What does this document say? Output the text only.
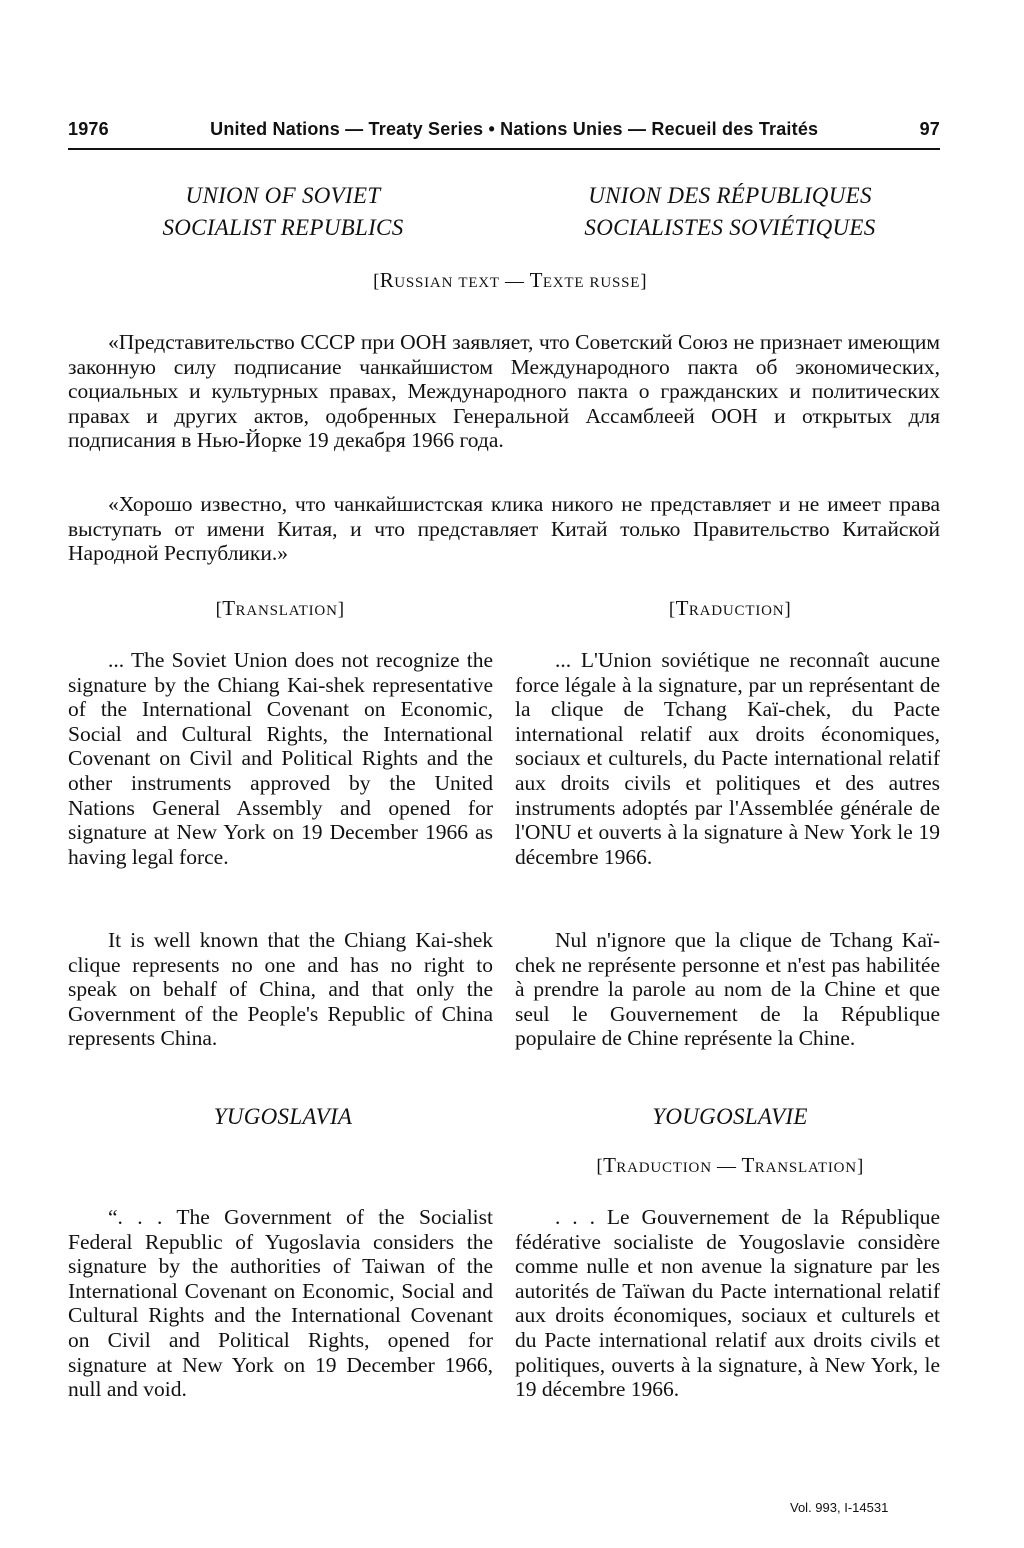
1976	United Nations — Treaty Series • Nations Unies — Recueil des Traités	97
UNION OF SOVIET
SOCIALIST REPUBLICS
UNION DES RÉPUBLIQUES
SOCIALISTES SOVIÉTIQUES
[RUSSIAN TEXT — TEXTE RUSSE]

«Представительство СССР при ООН заявляет, что Советский Союз не признает имеющим законную силу подписание чанкайшистом Международного пакта об экономических, социальных и культурных правах, Международного пакта о гражданских и политических правах и других актов, одобренных Генеральной Ассамблеей ООН и открытых для подписания в Нью-Йорке 19 декабря 1966 года.

«Хорошо известно, что чанкайшистская клика никого не представляет и не имеет права выступать от имени Китая, и что представляет Китай только Правительство Китайской Народной Республики.»

[TRANSLATION]	[TRADUCTION]

... The Soviet Union does not recognize the signature by the Chiang Kai-shek representative of the International Covenant on Economic, Social and Cultural Rights, the International Covenant on Civil and Political Rights and the other instruments approved by the United Nations General Assembly and opened for signature at New York on 19 December 1966 as having legal force.

It is well known that the Chiang Kai-shek clique represents no one and has no right to speak on behalf of China, and that only the Government of the People's Republic of China represents China.

... L'Union soviétique ne reconnaît aucune force légale à la signature, par un représentant de la clique de Tchang Kaï-chek, du Pacte international relatif aux droits économiques, sociaux et culturels, du Pacte international relatif aux droits civils et politiques et des autres instruments adoptés par l'Assemblée générale de l'ONU et ouverts à la signature à New York le 19 décembre 1966.

Nul n'ignore que la clique de Tchang Kaï-chek ne représente personne et n'est pas habilitée à prendre la parole au nom de la Chine et que seul le Gouvernement de la République populaire de Chine représente la Chine.

YUGOSLAVIA	YOUGOSLAVIE
[TRADUCTION — TRANSLATION]

“. . . The Government of the Socialist Federal Republic of Yugoslavia considers the signature by the authorities of Taiwan of the International Covenant on Economic, Social and Cultural Rights and the International Covenant on Civil and Political Rights, opened for signature at New York on 19 December 1966, null and void.

. . . Le Gouvernement de la République fédérative socialiste de Yougoslavie considère comme nulle et non avenue la signature par les autorités de Taïwan du Pacte international relatif aux droits économiques, sociaux et culturels et du Pacte international relatif aux droits civils et politiques, ouverts à la signature, à New York, le 19 décembre 1966.

Vol. 993, I-14531
